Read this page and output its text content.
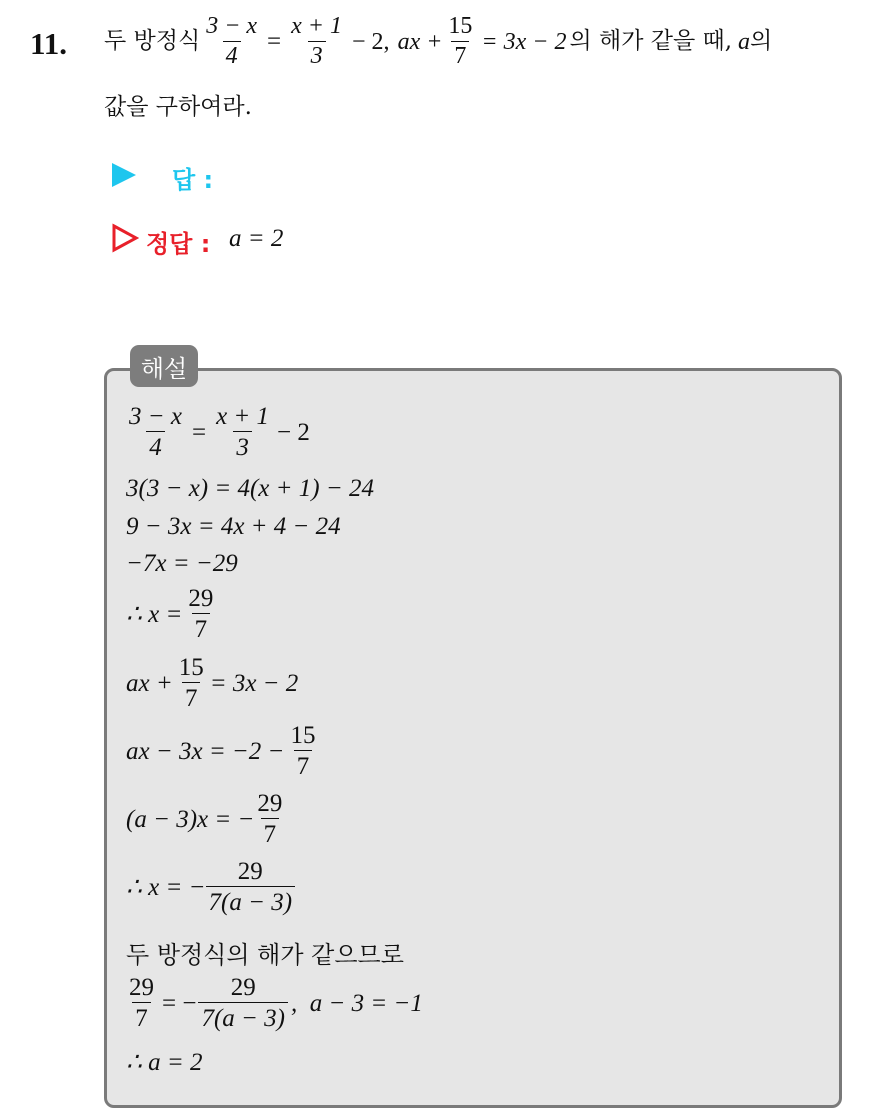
11. 두 방정식 $\frac{3 - x}{4} = \frac{x + 1}{3} - 2$, ax + $\frac{15}{7} = 3x - 2$ 의 해가 같을 때, a 의
값을 구하여라.
답 :
정답 : a = 2
해설
$\frac{3 - x}{4} = \frac{x + 1}{3} - 2$
3(3 − x) = 4(x + 1) − 24
9 − 3x = 4x + 4 − 24
−7x = −29
∴ $x = \frac{29}{7}$
ax + $\frac{15}{7} = 3x - 2$
ax − $3x = -2 - \frac{15}{7}$
(a − 3)x = − $\frac{29}{7}$
∴ x = − $\frac{29}{7(a - 3)}$
두 방정식의 해가 같으므로
$\frac{29}{7}$ = − $\frac{29}{7(a - 3)}$ ,  a − 3 = −1
∴ a = 2
